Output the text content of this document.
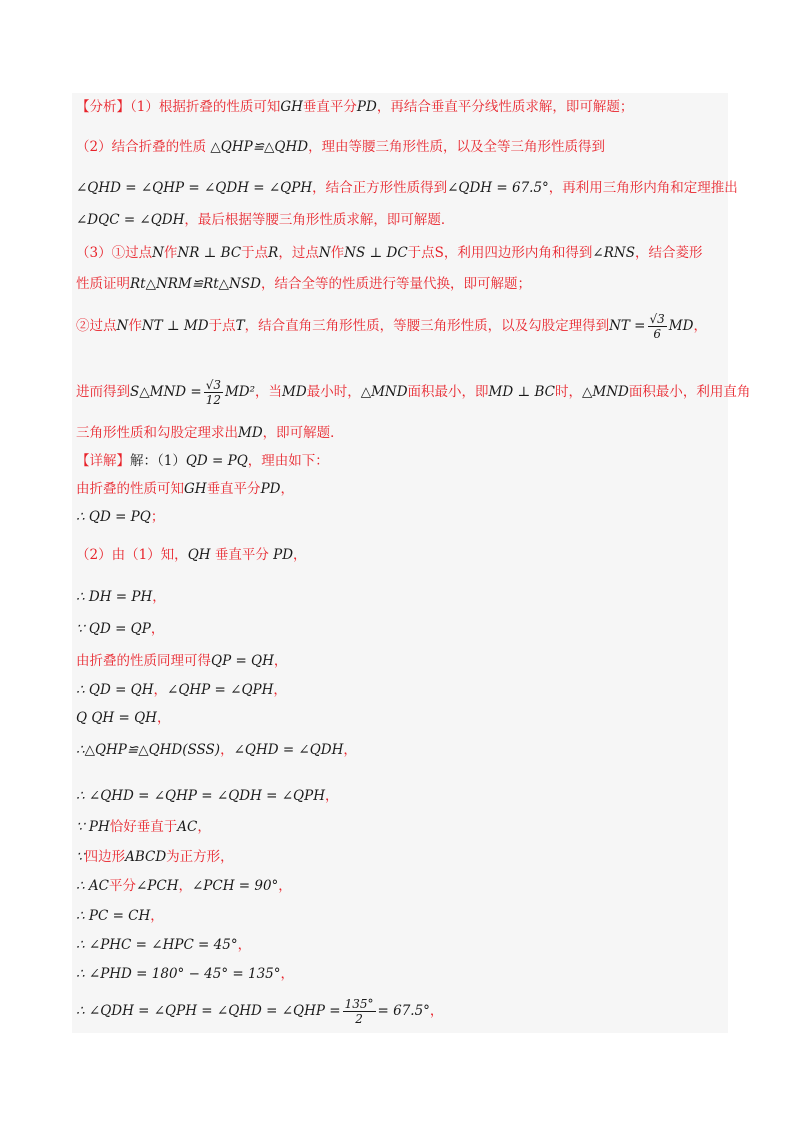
【分析】（1）根据折叠的性质可知GH垂直平分PD，再结合垂直平分线性质求解，即可解题；
（2）结合折叠的性质 △QHP≌△QHD，理由等腰三角形性质，以及全等三角形性质得到
∠QHD = ∠QHP = ∠QDH = ∠QPH，结合正方形性质得到∠QDH = 67.5°，再利用三角形内角和定理推出
∠DQC = ∠QDH，最后根据等腰三角形性质求解，即可解题．
（3）①过点N作NR ⊥ BC于点R，过点N作NS ⊥ DC于点S，利用四边形内角和得到∠RNS，结合菱形
性质证明Rt△NRM≌Rt△NSD，结合全等的性质进行等量代换，即可解题；
②过点N作NT ⊥ MD于点T，结合直角三角形性质，等腰三角形性质，以及勾股定理得到NT = $\frac{√3}{6}$ MD，
进而得到S△MND = $\frac{√3}{12} MD^2$，当MD最小时，△MND面积最小，即MD ⊥ BC时，△MND面积最小，利用直角
三角形性质和勾股定理求出MD，即可解题．
【详解】解：（1）QD = PQ，理由如下：
由折叠的性质可知GH垂直平分PD，
∴ QD = PQ；
（2）由（1）知，QH 垂直平分 PD，
∴ DH = PH，
∵ QD = QP，
由折叠的性质同理可得QP = QH，
∴ QD = QH，∠QHP = ∠QPH，
Q QH = QH，
∴△QHP≌△QHD(SSS)，∠QHD = ∠QDH，
∴ ∠QHD = ∠QHP = ∠QDH = ∠QPH，
∵ PH恰好垂直于AC，
∵四边形ABCD为正方形，
∴ AC平分∠PCH，∠PCH = 90°，
∴ PC = CH，
∴ ∠PHC = ∠HPC = 45°，
∴ ∠PHD = 180° − 45° = 135°，
∴ ∠QDH = ∠QPH = ∠QHD = ∠QHP = $\frac{135^\circ}{2} = 67.5^\circ$，
